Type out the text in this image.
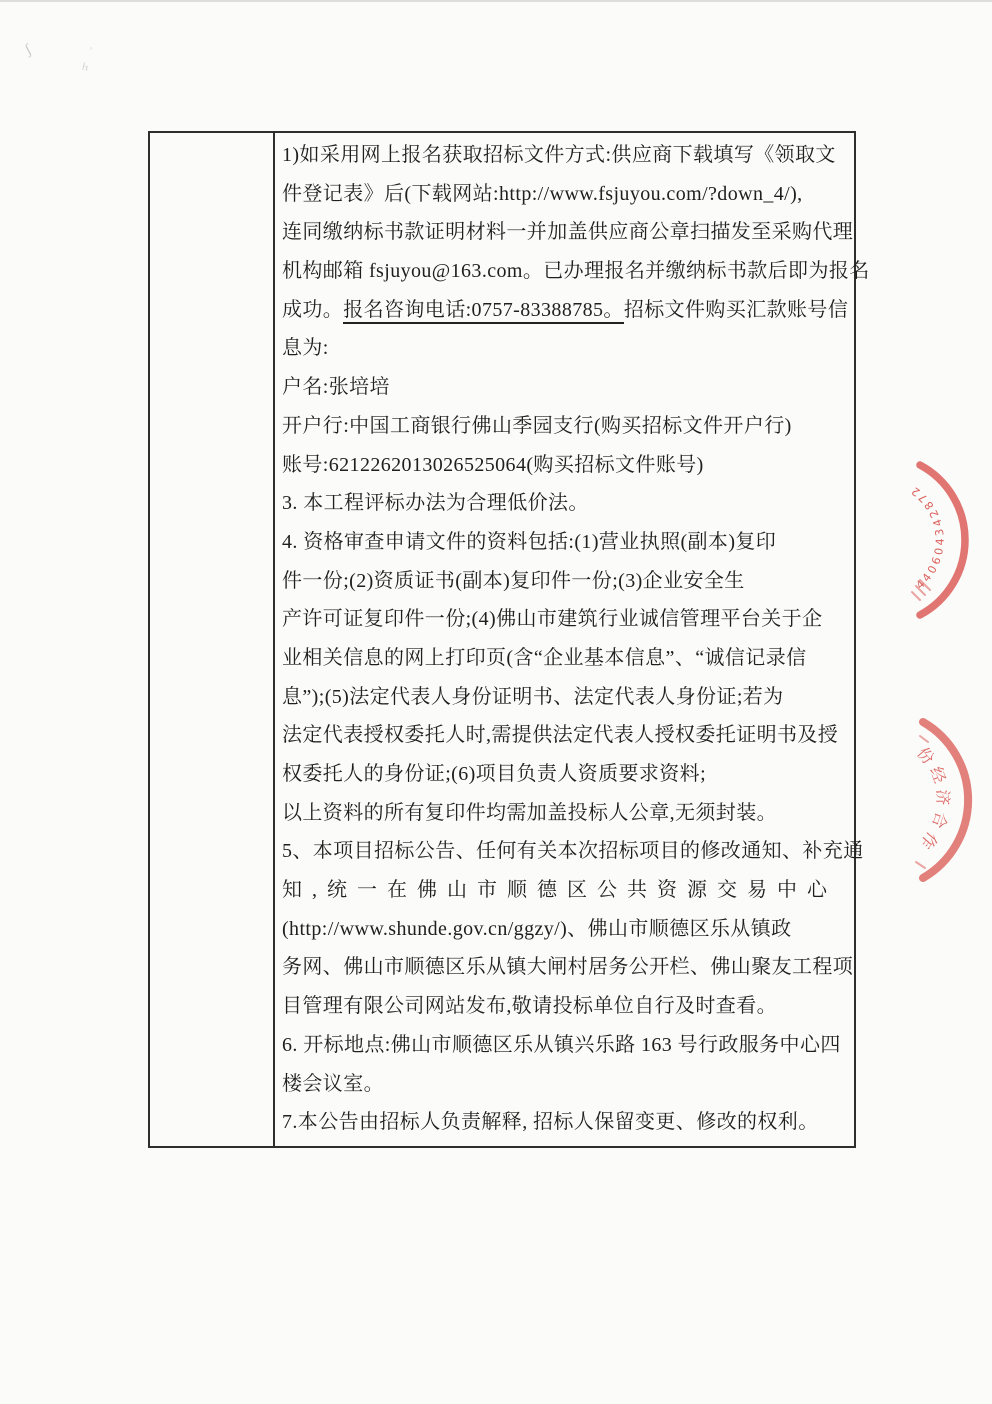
ʃ	ᵓ
ŀı
1)如采用网上报名获取招标文件方式:供应商下载填写《领取文
件登记表》后(下载网站:http://www.fsjuyou.com/?down_4/),
连同缴纳标书款证明材料一并加盖供应商公章扫描发至采购代理
机构邮箱 fsjuyou@163.com。已办理报名并缴纳标书款后即为报名
成功。报名咨询电话:0757-83388785。招标文件购买汇款账号信
息为:
户名:张培培
开户行:中国工商银行佛山季园支行(购买招标文件开户行)
账号:6212262013026525064(购买招标文件账号)
3. 本工程评标办法为合理低价法。
4. 资格审查申请文件的资料包括:(1)营业执照(副本)复印
件一份;(2)资质证书(副本)复印件一份;(3)企业安全生
产许可证复印件一份;(4)佛山市建筑行业诚信管理平台关于企
业相关信息的网上打印页(含“企业基本信息”、“诚信记录信
息”);(5)法定代表人身份证明书、法定代表人身份证;若为
法定代表授权委托人时,需提供法定代表人授权委托证明书及授
权委托人的身份证;(6)项目负责人资质要求资料;
以上资料的所有复印件均需加盖投标人公章,无须封装。
5、本项目招标公告、任何有关本次招标项目的修改通知、补充通
知,统一在佛山市顺德区公共资源交易中心
(http://www.shunde.gov.cn/ggzy/)、佛山市顺德区乐从镇政
务网、佛山市顺德区乐从镇大闸村居务公开栏、佛山聚友工程项
目管理有限公司网站发布,敬请投标单位自行及时查看。
6. 开标地点:佛山市顺德区乐从镇兴乐路 163 号行政服务中心四
楼会议室。
7.本公告由招标人负责解释, 招标人保留变更、修改的权利。
440604342872
份经济合作
